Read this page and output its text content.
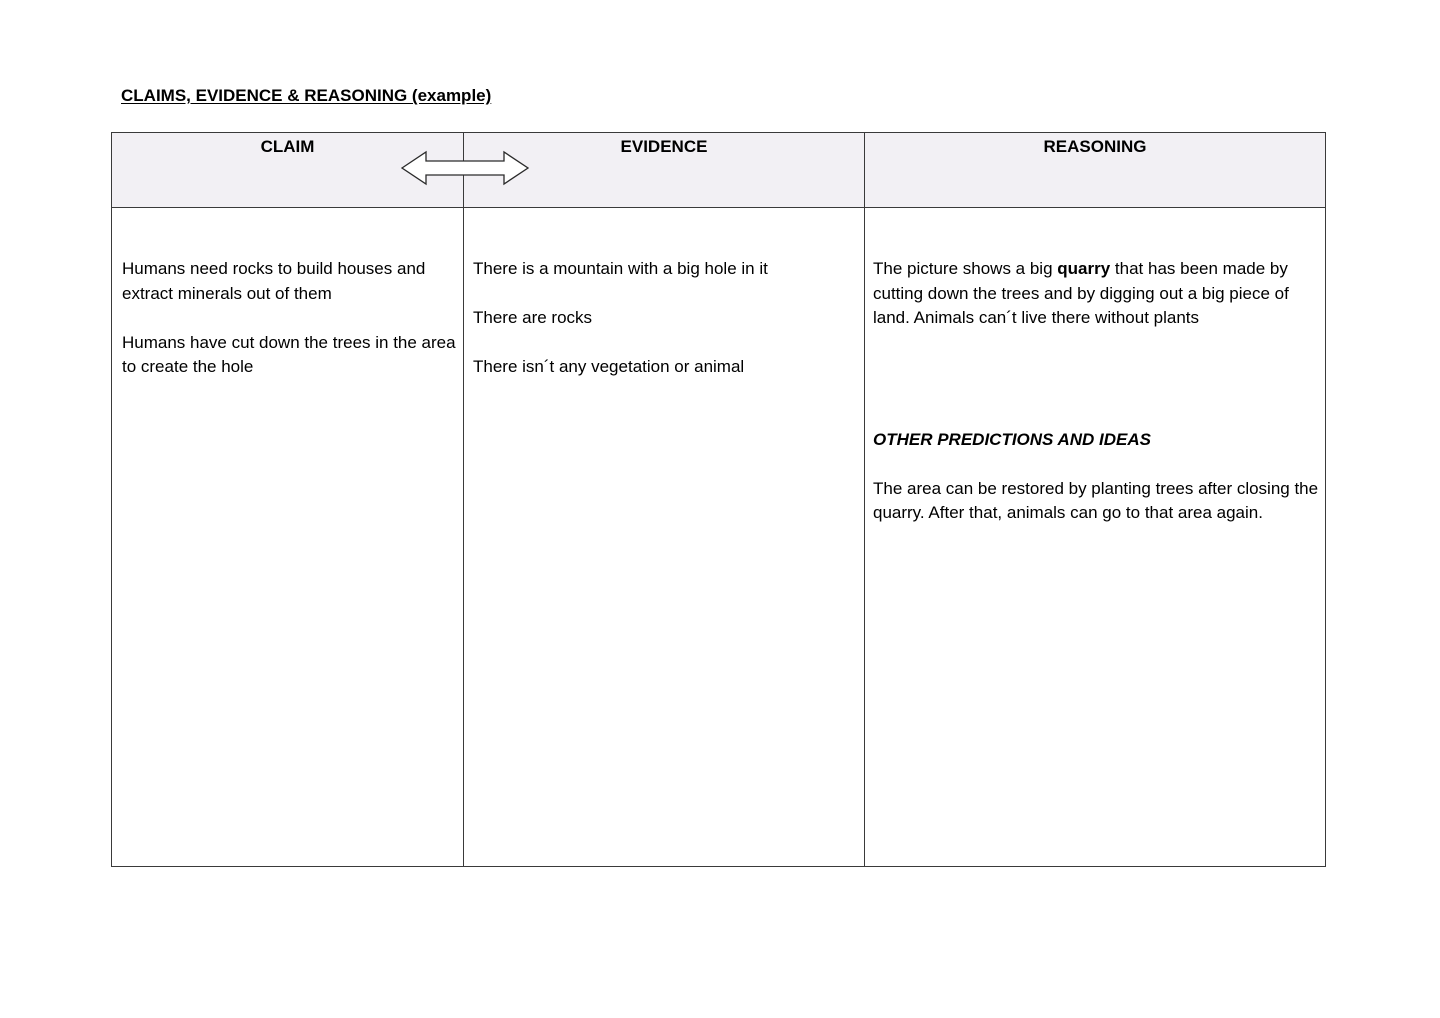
CLAIMS, EVIDENCE & REASONING (example)
CLAIM	EVIDENCE	REASONING

Humans need rocks to build houses and extract minerals out of them

Humans have cut down the trees in the area to create the hole

There is a mountain with a big hole in it

There are rocks

There isn´t any vegetation or animal

The picture shows a big quarry that has been made by cutting down the trees and by digging out a big piece of land. Animals can´t live there without plants

OTHER PREDICTIONS AND IDEAS

The area can be restored by planting trees after closing the quarry. After that, animals can go to that area again.
